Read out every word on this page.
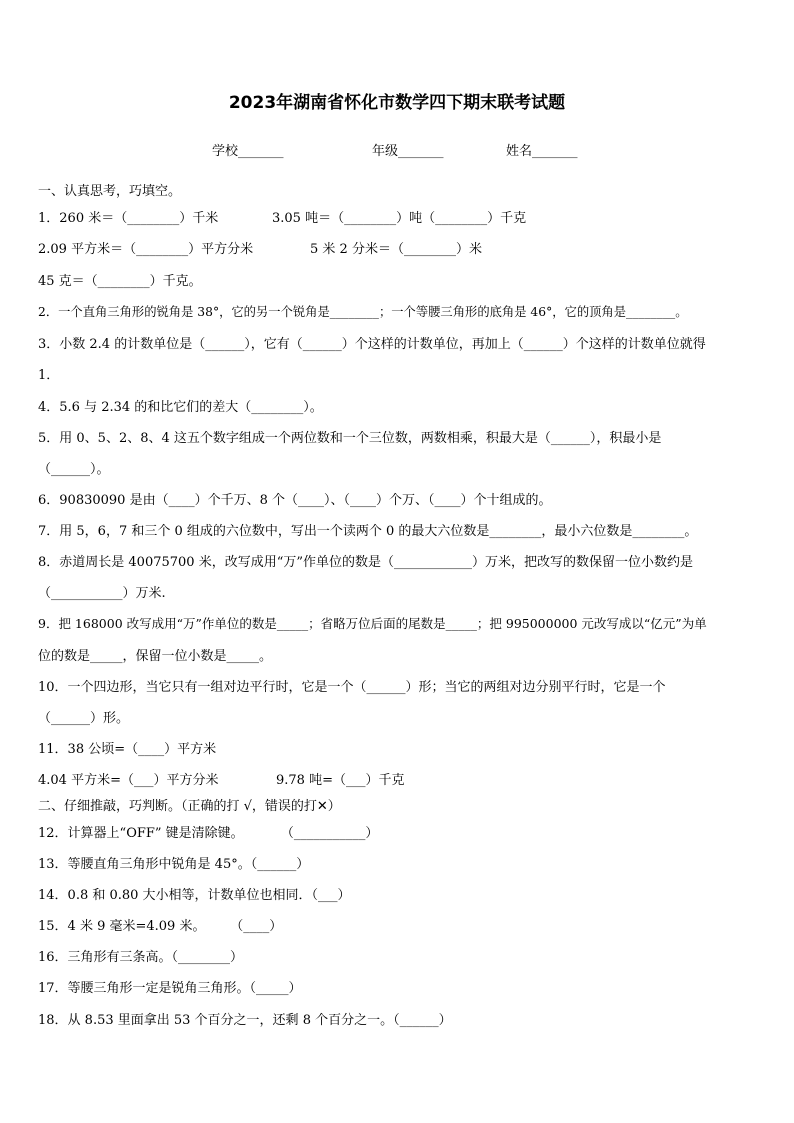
2023年湖南省怀化市数学四下期末联考试题
学校_______	年级_______	姓名_______
一、认真思考，巧填空。
1．260 米＝（________）千米	3.05 吨＝（________）吨（________）千克
2.09 平方米＝（________）平方分米	5 米 2 分米＝（________）米
45 克＝（________）千克。
2．一个直角三角形的锐角是 38°，它的另一个锐角是________；一个等腰三角形的底角是 46°，它的顶角是________。
3．小数 2.4 的计数单位是（______），它有（______）个这样的计数单位，再加上（______）个这样的计数单位就得
1．
4．5.6 与 2.34 的和比它们的差大（________）。
5．用 0、5、2、8、4 这五个数字组成一个两位数和一个三位数，两数相乘，积最大是（______），积最小是
（______）。
6．90830090 是由（____）个千万、8 个（____）、（____）个万、（____）个十组成的。
7．用 5，6，7 和三个 0 组成的六位数中，写出一个读两个 0 的最大六位数是________，最小六位数是________。
8．赤道周长是 40075700 米，改写成用“万”作单位的数是（____________）万米，把改写的数保留一位小数约是
（___________）万米.
9．把 168000 改写成用“万”作单位的数是_____；省略万位后面的尾数是_____；把 995000000 元改写成以“亿元”为单
位的数是_____，保留一位小数是_____。
10．一个四边形，当它只有一组对边平行时，它是一个（______）形；当它的两组对边分别平行时，它是一个
（______）形。
11．38 公顷=（____）平方米
4.04 平方米=（___）平方分米	9.78 吨=（___）千克
二、仔细推敲，巧判断。（正确的打 √，错误的打✕）
12．计算器上“OFF” 键是清除键。         （___________）
13．等腰直角三角形中锐角是 45°。（______）
14．0.8 和 0.80 大小相等，计数单位也相同．（___）
15．4 米 9 毫米=4.09 米。      （____）
16．三角形有三条高。（________）
17．等腰三角形一定是锐角三角形。（_____）
18．从 8.53 里面拿出 53 个百分之一，还剩 8 个百分之一。（______）
